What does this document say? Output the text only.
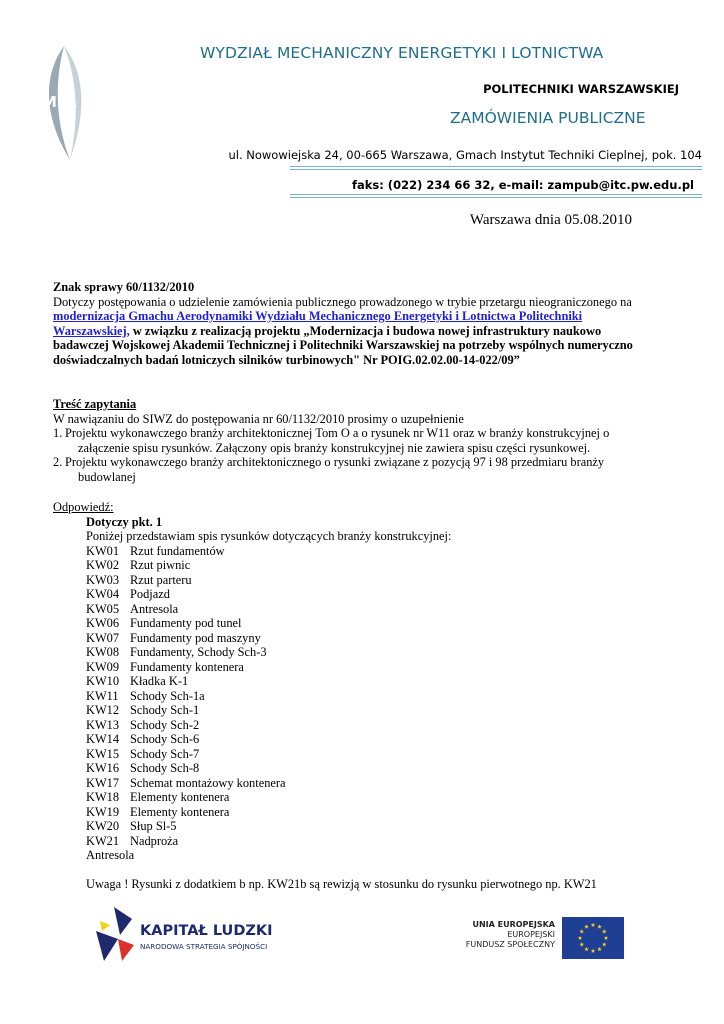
MEL
WYDZIAŁ MECHANICZNY ENERGETYKI I LOTNICTWA
POLITECHNIKI WARSZAWSKIEJ
ZAMÓWIENIA PUBLICZNE
ul. Nowowiejska 24, 00-665 Warszawa, Gmach Instytut Techniki Cieplnej, pok. 104
faks: (022) 234 66 32, e-mail: zampub@itc.pw.edu.pl
Warszawa dnia 05.08.2010

Znak sprawy 60/1132/2010

Dotyczy postępowania o udzielenie zamówienia publicznego prowadzonego w trybie przetargu nieograniczonego na

modernizacja Gmachu Aerodynamiki Wydziału Mechanicznego Energetyki i Lotnictwa Politechniki

Warszawskiej, w związku z realizacją projektu „Modernizacja i budowa nowej infrastruktury naukowo

badawczej Wojskowej Akademii Technicznej i Politechniki Warszawskiej na potrzeby wspólnych numeryczno

doświadczalnych badań lotniczych silników turbinowych" Nr POIG.02.02.00-14-022/09”

Treść zapytania

W nawiązaniu do SIWZ do postępowania nr 60/1132/2010 prosimy o uzupełnienie

1. Projektu wykonawczego branży architektonicznej Tom O a o rysunek nr W11 oraz w branży konstrukcyjnej o
załączenie spisu rysunków. Załączony opis branży konstrukcyjnej nie zawiera spisu części rysunkowej.
2. Projektu wykonawczego branży architektonicznego o rysunki związane z pozycją 97 i 98 przedmiaru branży
budowlanej

Odpowiedź:

Dotyczy pkt. 1

Poniżej przedstawiam spis rysunków dotyczących branży konstrukcyjnej:

KW01 Rzut fundamentów
KW02 Rzut piwnic
KW03 Rzut parteru
KW04 Podjazd
KW05 Antresola
KW06 Fundamenty pod tunel
KW07 Fundamenty pod maszyny
KW08 Fundamenty, Schody Sch-3
KW09 Fundamenty kontenera
KW10 Kładka K-1
KW11 Schody Sch-1a
KW12 Schody Sch-1
KW13 Schody Sch-2
KW14 Schody Sch-6
KW15 Schody Sch-7
KW16 Schody Sch-8
KW17 Schemat montażowy kontenera
KW18 Elementy kontenera
KW19 Elementy kontenera
KW20 Słup Sl-5
KW21 Nadproża

Antresola

Uwaga ! Rysunki z dodatkiem b np. KW21b są rewizją w stosunku do rysunku pierwotnego np. KW21

KAPITAŁ LUDZKI
NARODOWA STRATEGIA SPÓJNOŚCI
UNIA EUROPEJSKA
EUROPEJSKI
FUNDUSZ SPOŁECZNY
